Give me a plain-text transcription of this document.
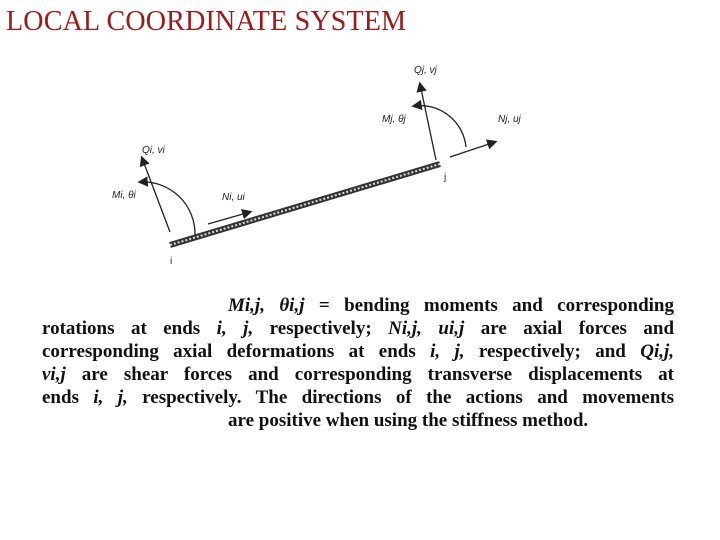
LOCAL COORDINATE SYSTEM
Qi, vi
Mi, θi	Ni, ui
i
Qj, vj
Mj, θj	Nj, uj
j
Mi,j, θi,j = bending moments and corresponding
rotations at ends i, j, respectively; Ni,j, ui,j are axial forces and
corresponding axial deformations at ends i, j, respectively; and Qi,j,
vi,j are shear forces and corresponding transverse displacements at
ends i, j, respectively. The directions of the actions and movements
are positive when using the stiffness method.
